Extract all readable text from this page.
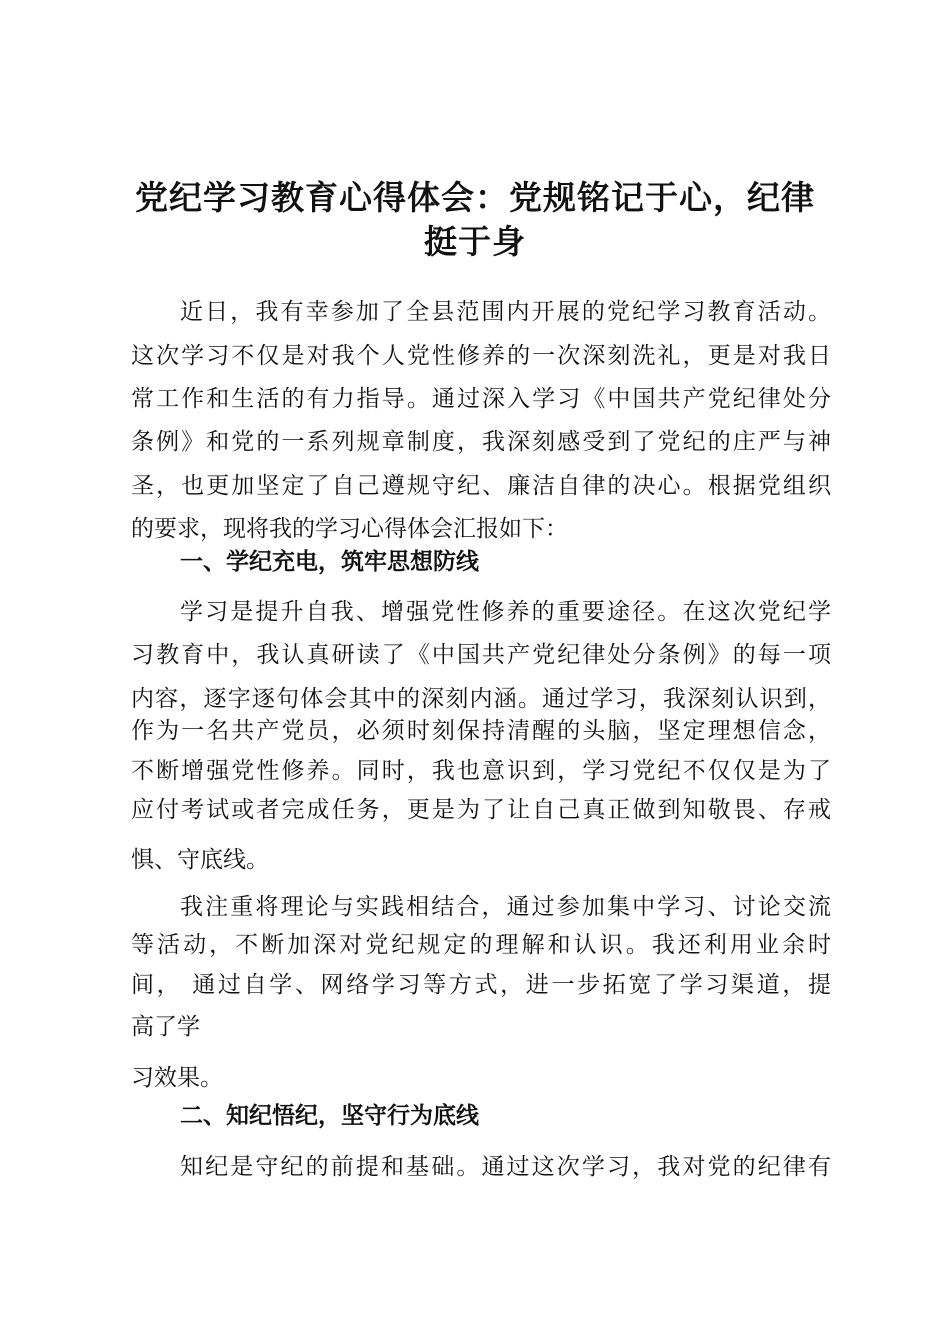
党纪学习教育心得体会：党规铭记于心，纪律
挺于身

近日，我有幸参加了全县范围内开展的党纪学习教育活动。

这次学习不仅是对我个人党性修养的一次深刻洗礼，更是对我日

常工作和生活的有力指导。通过深入学习《中国共产党纪律处分

条例》和党的一系列规章制度，我深刻感受到了党纪的庄严与神

圣，也更加坚定了自己遵规守纪、廉洁自律的决心。根据党组织

的要求，现将我的学习心得体会汇报如下：

一、学纪充电，筑牢思想防线

学习是提升自我、增强党性修养的重要途径。在这次党纪学

习教育中，我认真研读了《中国共产党纪律处分条例》的每一项

内容，逐字逐句体会其中的深刻内涵。通过学习，我深刻认识到，

作为一名共产党员，必须时刻保持清醒的头脑，坚定理想信念，

不断增强党性修养。同时，我也意识到，学习党纪不仅仅是为了

应付考试或者完成任务，更是为了让自己真正做到知敬畏、存戒

惧、守底线。

我注重将理论与实践相结合，通过参加集中学习、讨论交流

等活动，不断加深对党纪规定的理解和认识。我还利用业余时

间， 通过自学、网络学习等方式，进一步拓宽了学习渠道，提

高了学

习效果。

二、知纪悟纪，坚守行为底线

知纪是守纪的前提和基础。通过这次学习，我对党的纪律有
